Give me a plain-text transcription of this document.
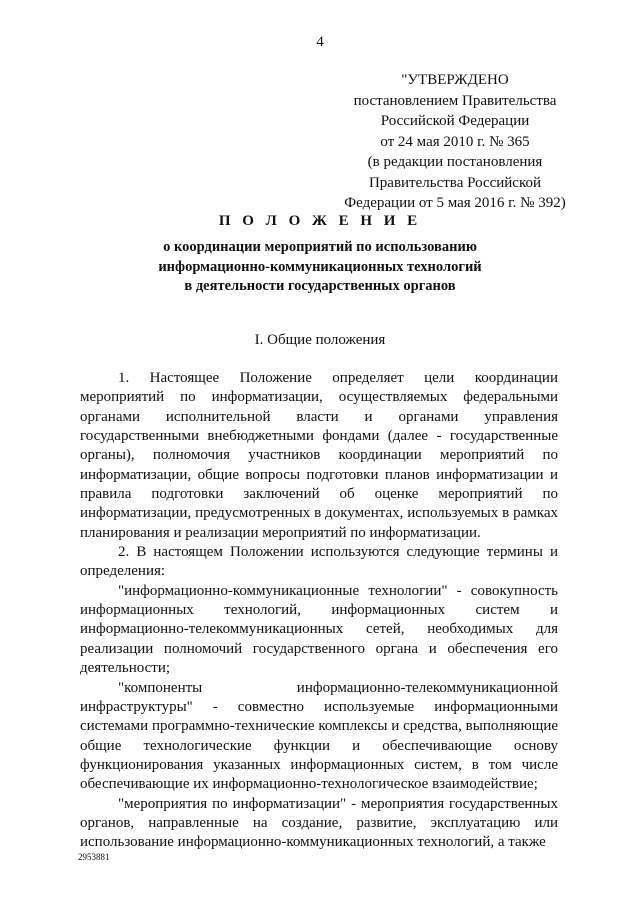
4
"УТВЕРЖДЕНО
постановлением Правительства
Российской Федерации
от 24 мая 2010 г. № 365
(в редакции постановления
Правительства Российской
Федерации от 5 мая 2016 г. № 392)
П О Л О Ж Е Н И Е
о координации мероприятий по использованию
информационно-коммуникационных технологий
в деятельности государственных органов
I. Общие положения

1. Настоящее Положение определяет цели координации мероприятий по информатизации, осуществляемых федеральными органами исполнительной власти и органами управления государственными внебюджетными фондами (далее - государственные органы), полномочия участников координации мероприятий по информатизации, общие вопросы подготовки планов информатизации и правила подготовки заключений об оценке мероприятий по информатизации, предусмотренных в документах, используемых в рамках планирования и реализации мероприятий по информатизации.

2. В настоящем Положении используются следующие термины и определения:

"информационно-коммуникационные технологии" - совокупность информационных технологий, информационных систем и информационно-телекоммуникационных сетей, необходимых для реализации полномочий государственного органа и обеспечения его деятельности;

"компоненты информационно-телекоммуникационной инфраструктуры" - совместно используемые информационными системами программно-технические комплексы и средства, выполняющие общие технологические функции и обеспечивающие основу функционирования указанных информационных систем, в том числе обеспечивающие их информационно-технологическое взаимодействие;

"мероприятия по информатизации" - мероприятия государственных органов, направленные на создание, развитие, эксплуатацию или использование информационно-коммуникационных технологий, а также

2953881
